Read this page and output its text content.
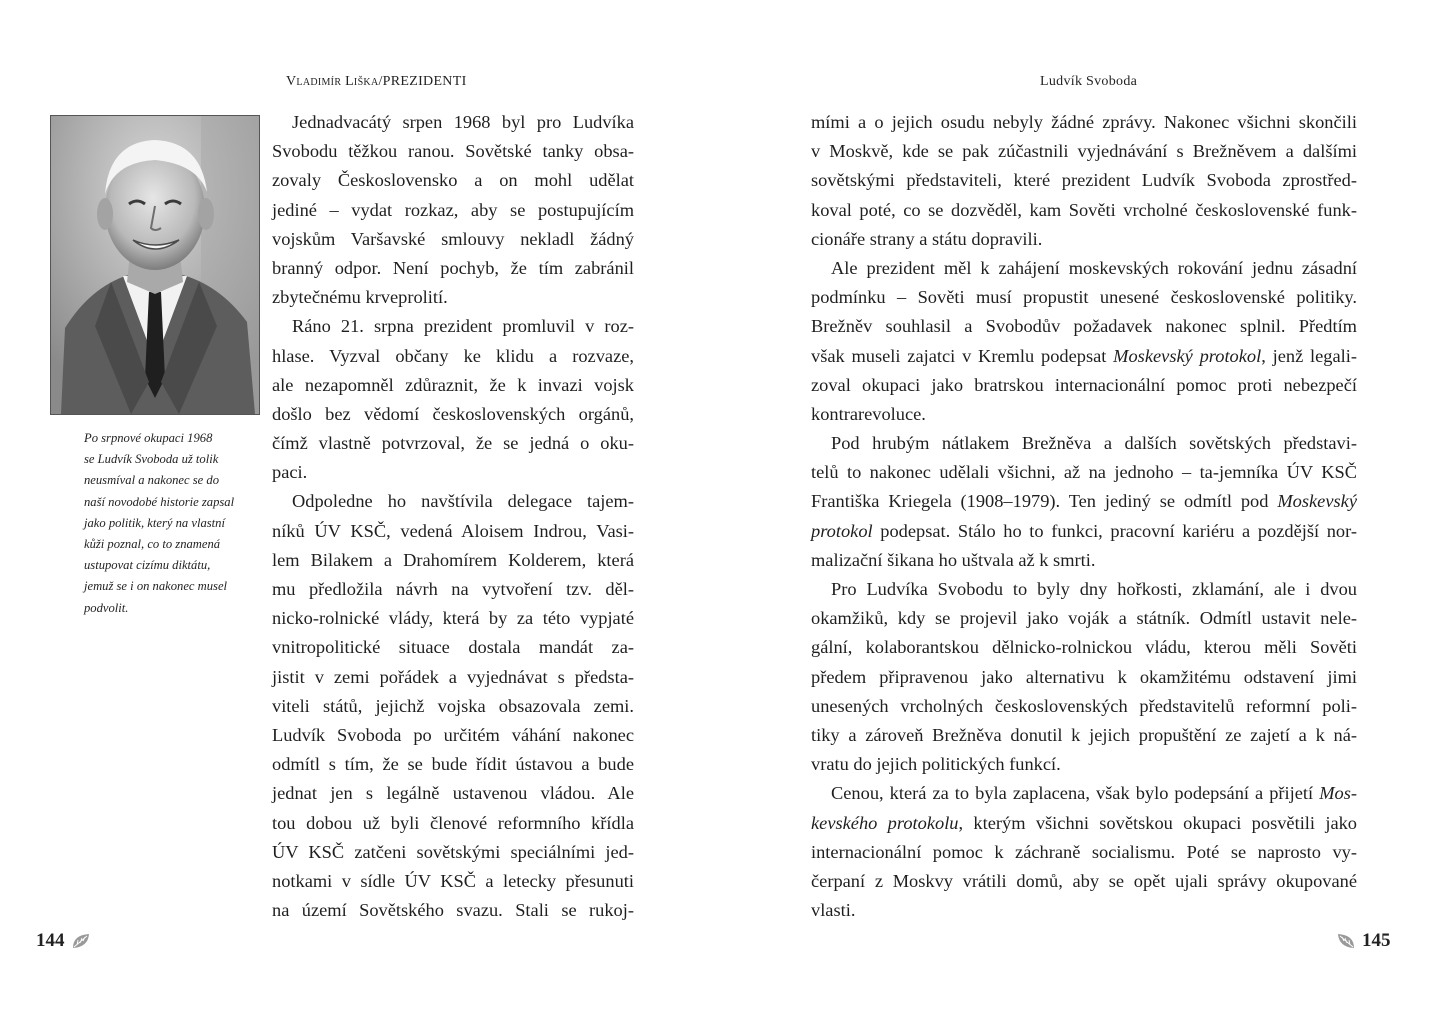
Vladimír Liška/PREZIDENTI
Po srpnové okupaci 1968
se Ludvík Svoboda už tolik
neusmíval a nakonec se do
naší novodobé historie zapsal
jako politik, který na vlastní
kůži poznal, co to znamená
ustupovat cizímu diktátu,
jemuž se i on nakonec musel
podvolit.
Jednadvacátý srpen 1968 byl pro Ludvíka
Svobodu těžkou ranou. Sovětské tanky obsa-
zovaly Československo a on mohl udělat
jediné – vydat rozkaz, aby se postupujícím
vojskům Varšavské smlouvy nekladl žádný
branný odpor. Není pochyb, že tím zabránil
zbytečnému krveprolití.
Ráno 21. srpna prezident promluvil v roz-
hlase. Vyzval občany ke klidu a rozvaze,
ale nezapomněl zdůraznit, že k invazi vojsk
došlo bez vědomí československých orgánů,
čímž vlastně potvrzoval, že se jedná o oku-
paci.
Odpoledne ho navštívila delegace tajem-
níků ÚV KSČ, vedená Aloisem Indrou, Vasi-
lem Bilakem a Drahomírem Kolderem, která
mu předložila návrh na vytvoření tzv. děl-
nicko-rolnické vlády, která by za této vypjaté
vnitropolitické situace dostala mandát za-
jistit v zemi pořádek a vyjednávat s předsta-
viteli států, jejichž vojska obsazovala zemi.
Ludvík Svoboda po určitém váhání nakonec
odmítl s tím, že se bude řídit ústavou a bude
jednat jen s legálně ustavenou vládou. Ale
tou dobou už byli členové reformního křídla
ÚV KSČ zatčeni sovětskými speciálními jed-
notkami v sídle ÚV KSČ a letecky přesunuti
na území Sovětského svazu. Stali se rukoj-
144
Ludvík Svoboda
mími a o jejich osudu nebyly žádné zprávy. Nakonec všichni skončili
v Moskvě, kde se pak zúčastnili vyjednávání s Brežněvem a dalšími
sovětskými představiteli, které prezident Ludvík Svoboda zprostřed-
koval poté, co se dozvěděl, kam Sověti vrcholné československé funk-
cionáře strany a státu dopravili.
Ale prezident měl k zahájení moskevských rokování jednu zásadní
podmínku – Sověti musí propustit unesené československé politiky.
Brežněv souhlasil a Svobodův požadavek nakonec splnil. Předtím
však museli zajatci v Kremlu podepsat Moskevský protokol, jenž legali-
zoval okupaci jako bratrskou internacionální pomoc proti nebezpečí
kontrarevoluce.
Pod hrubým nátlakem Brežněva a dalších sovětských představi-
telů to nakonec udělali všichni, až na jednoho – ta-jemníka ÚV KSČ
Františka Kriegela (1908–1979). Ten jediný se odmítl pod Moskevský
protokol podepsat. Stálo ho to funkci, pracovní kariéru a pozdější nor-
malizační šikana ho uštvala až k smrti.
Pro Ludvíka Svobodu to byly dny hořkosti, zklamání, ale i dvou
okamžiků, kdy se projevil jako voják a státník. Odmítl ustavit nele-
gální, kolaborantskou dělnicko-rolnickou vládu, kterou měli Sověti
předem připravenou jako alternativu k okamžitému odstavení jimi
unesených vrcholných československých představitelů reformní poli-
tiky a zároveň Brežněva donutil k jejich propuštění ze zajetí a k ná-
vratu do jejich politických funkcí.
Cenou, která za to byla zaplacena, však bylo podepsání a přijetí Mos-
kevského protokolu, kterým všichni sovětskou okupaci posvětili jako
internacionální pomoc k záchraně socialismu. Poté se naprosto vy-
čerpaní z Moskvy vrátili domů, aby se opět ujali správy okupované
vlasti.
145
